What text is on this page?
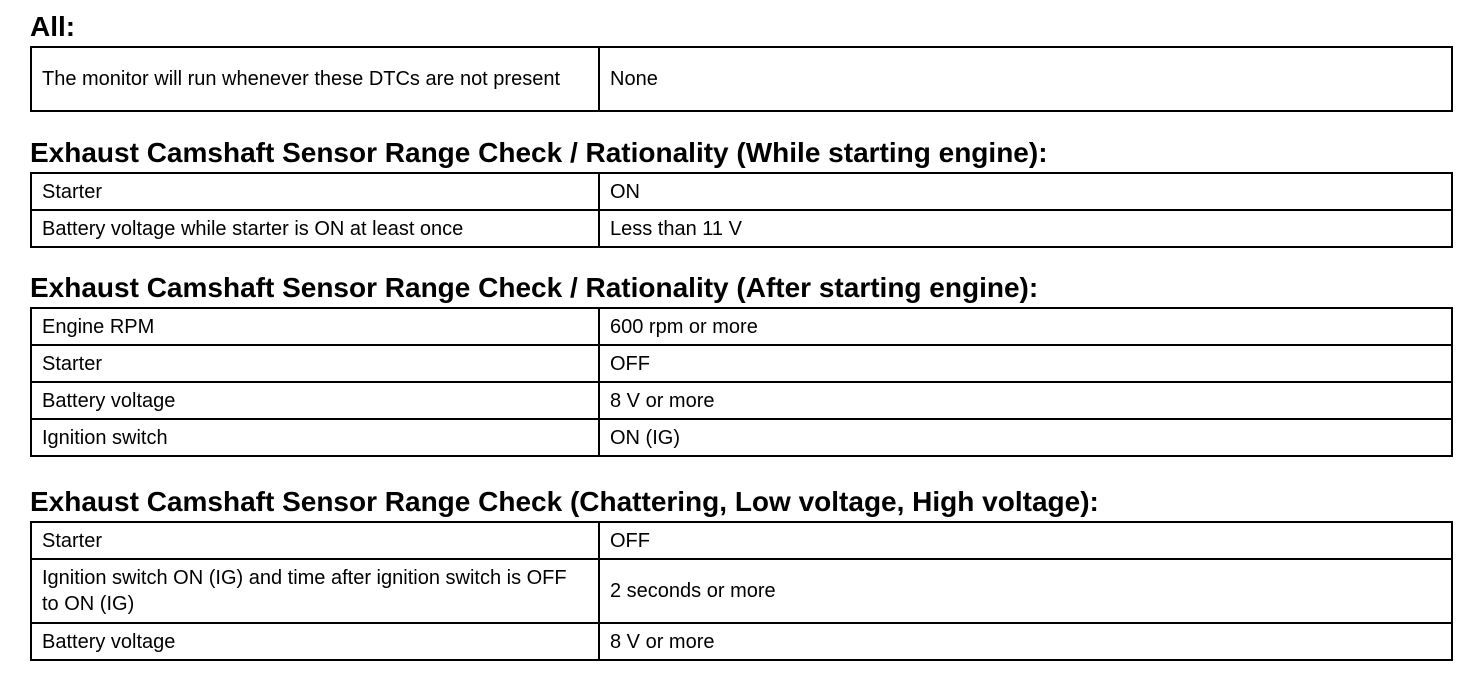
All:
The monitor will run whenever these DTCs are not present	None
Exhaust Camshaft Sensor Range Check / Rationality (While starting engine):
Starter	ON
Battery voltage while starter is ON at least once	Less than 11 V
Exhaust Camshaft Sensor Range Check / Rationality (After starting engine):
Engine RPM	600 rpm or more
Starter	OFF
Battery voltage	8 V or more
Ignition switch	ON (IG)
Exhaust Camshaft Sensor Range Check (Chattering, Low voltage, High voltage):
Starter	OFF
Ignition switch ON (IG) and time after ignition switch is OFF to ON (IG)	2 seconds or more
Battery voltage	8 V or more
